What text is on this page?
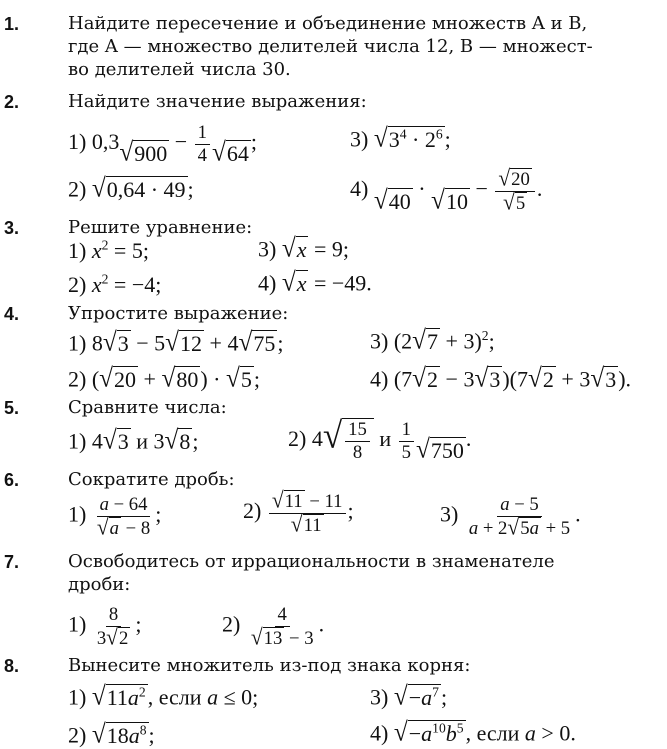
1.	Найдите пересечение и объединение множеств A и B,
где A — множество делителей числа 12, B — множест-
во делителей числа 30.
2.	Найдите значение выражения:
1) 0,3 √ $900 - \frac{1}{4}$ √ 64 ;	3) √ $3^4 \cdot 2^6$ ;
2) √ 0,64 · 49 ;	4) √ 40
· √ 10
− $\frac{√ 20}{√ 5}$ .
3.	Решите уравнение:
1) $x^2 = 5$;	3) √ x = 9;
2) $x^2 = -4$;	4) √ x = −49.
4.	Упростите выражение:
1) 8 √ 3 − 5 √ 12 + 4 √ 75 ;	3) (2 √ 7 + 3)$^2$;
2) ( √ 20 + √ 80 ) · √ 5 ;	4) (7 √ 2 − 3 √ 3 )(7 √ 2 + 3 √ 3 ).
5.	Сравните числа:
1) 4 √ 3 и 3 √ 8 ;	2) 4 √ $\frac{15}{8}$ и $\frac{1}{5}$ √ 750 .
6.	Сократите дробь:
$1) \frac{a - 64}{√ a - 8}$ ;	$2) \frac{√ 11 - 11}{√ 11}$ ;	$3) \frac{a - 5}{a + 2 √ 5a + 5}$ .
7.	Освободитесь от иррациональности в знаменателе
дроби:
$1) \frac{8}{3 √ 2}$ ;	$2) \frac{4}{√ 13 - 3}$ .
8.	Вынесите множитель из-под знака корня:
1) √ $11a^2$ , если a ≤ 0;	3) √ $-a^7$ ;
2) √ $18a^8$ ;	4) √ $-a^{10}b^5$ , если a > 0.
